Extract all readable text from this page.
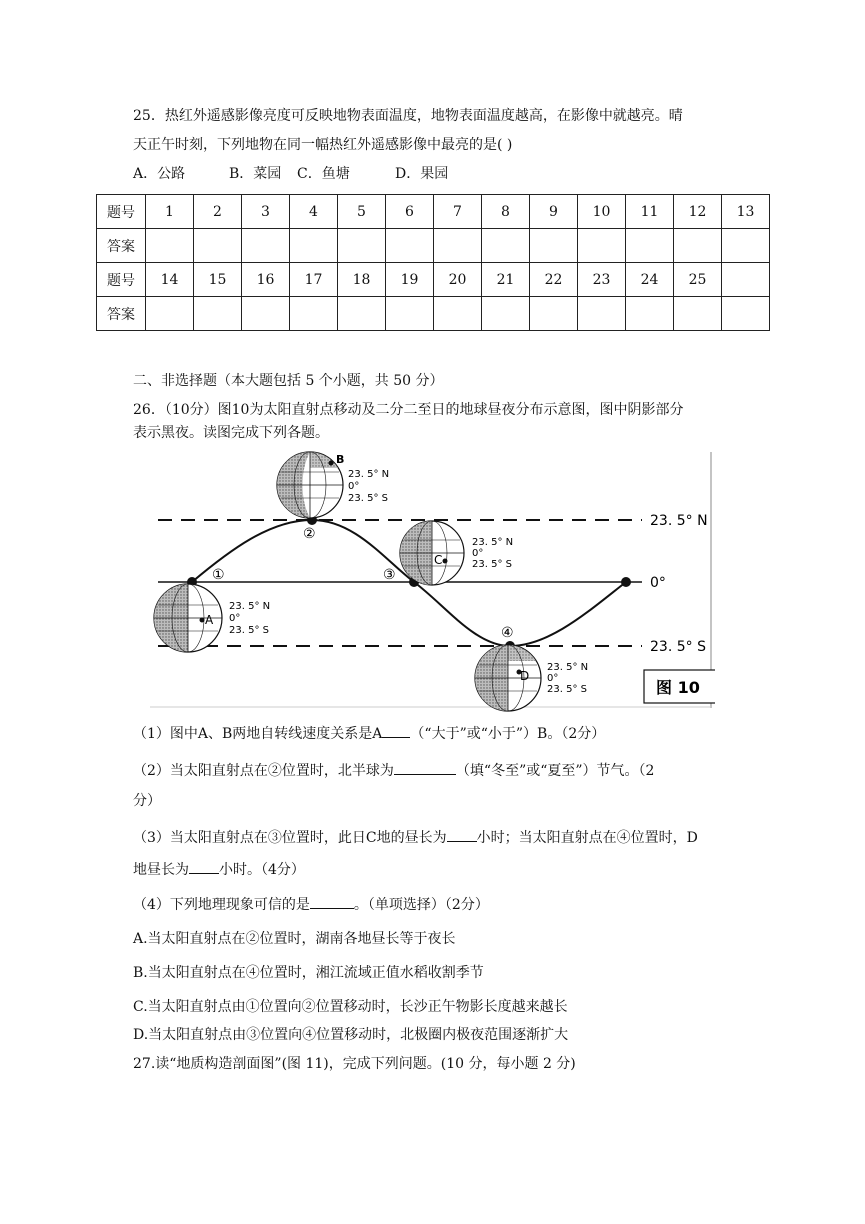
25．热红外遥感影像亮度可反映地物表面温度，地物表面温度越高，在影像中就越亮。晴
天正午时刻，下列地物在同一幅热红外遥感影像中最亮的是( )
A．公路	B．菜园 C．鱼塘	D．果园
题号	1	2	3	4	5	6	7	8	9	10	11	12	13
答案													
题号	14	15	16	17	18	19	20	21	22	23	24	25	
答案													
二、非选择题（本大题包括 5 个小题，共 50 分）
26．（10分）图10为太阳直射点移动及二分二至日的地球昼夜分布示意图，图中阴影部分
表示黑夜。读图完成下列各题。
23. 5° N
0°
23. 5° S
①
②
③
④
B
23. 5° N
0°
23. 5° S
C
23. 5° N
0°
23. 5° S
A
23. 5° N
0°
23. 5° S
D
23. 5° N
0°
23. 5° S	图 10
（1）图中A、B两地自转线速度关系是A （“大于”或“小于”）B。（2分）
（2）当太阳直射点在②位置时，北半球为	（填“冬至”或“夏至”）节气。（2
分）
（3）当太阳直射点在③位置时，此日C地的昼长为 小时；当太阳直射点在④位置时，D
地昼长为 小时。（4分）
（4）下列地理现象可信的是	。（单项选择）（2分）
A.当太阳直射点在②位置时，湖南各地昼长等于夜长
B.当太阳直射点在④位置时，湘江流域正值水稻收割季节
C.当太阳直射点由①位置向②位置移动时，长沙正午物影长度越来越长
D.当太阳直射点由③位置向④位置移动时，北极圈内极夜范围逐渐扩大
27.读“地质构造剖面图”(图 11)，完成下列问题。(10 分，每小题 2 分)
